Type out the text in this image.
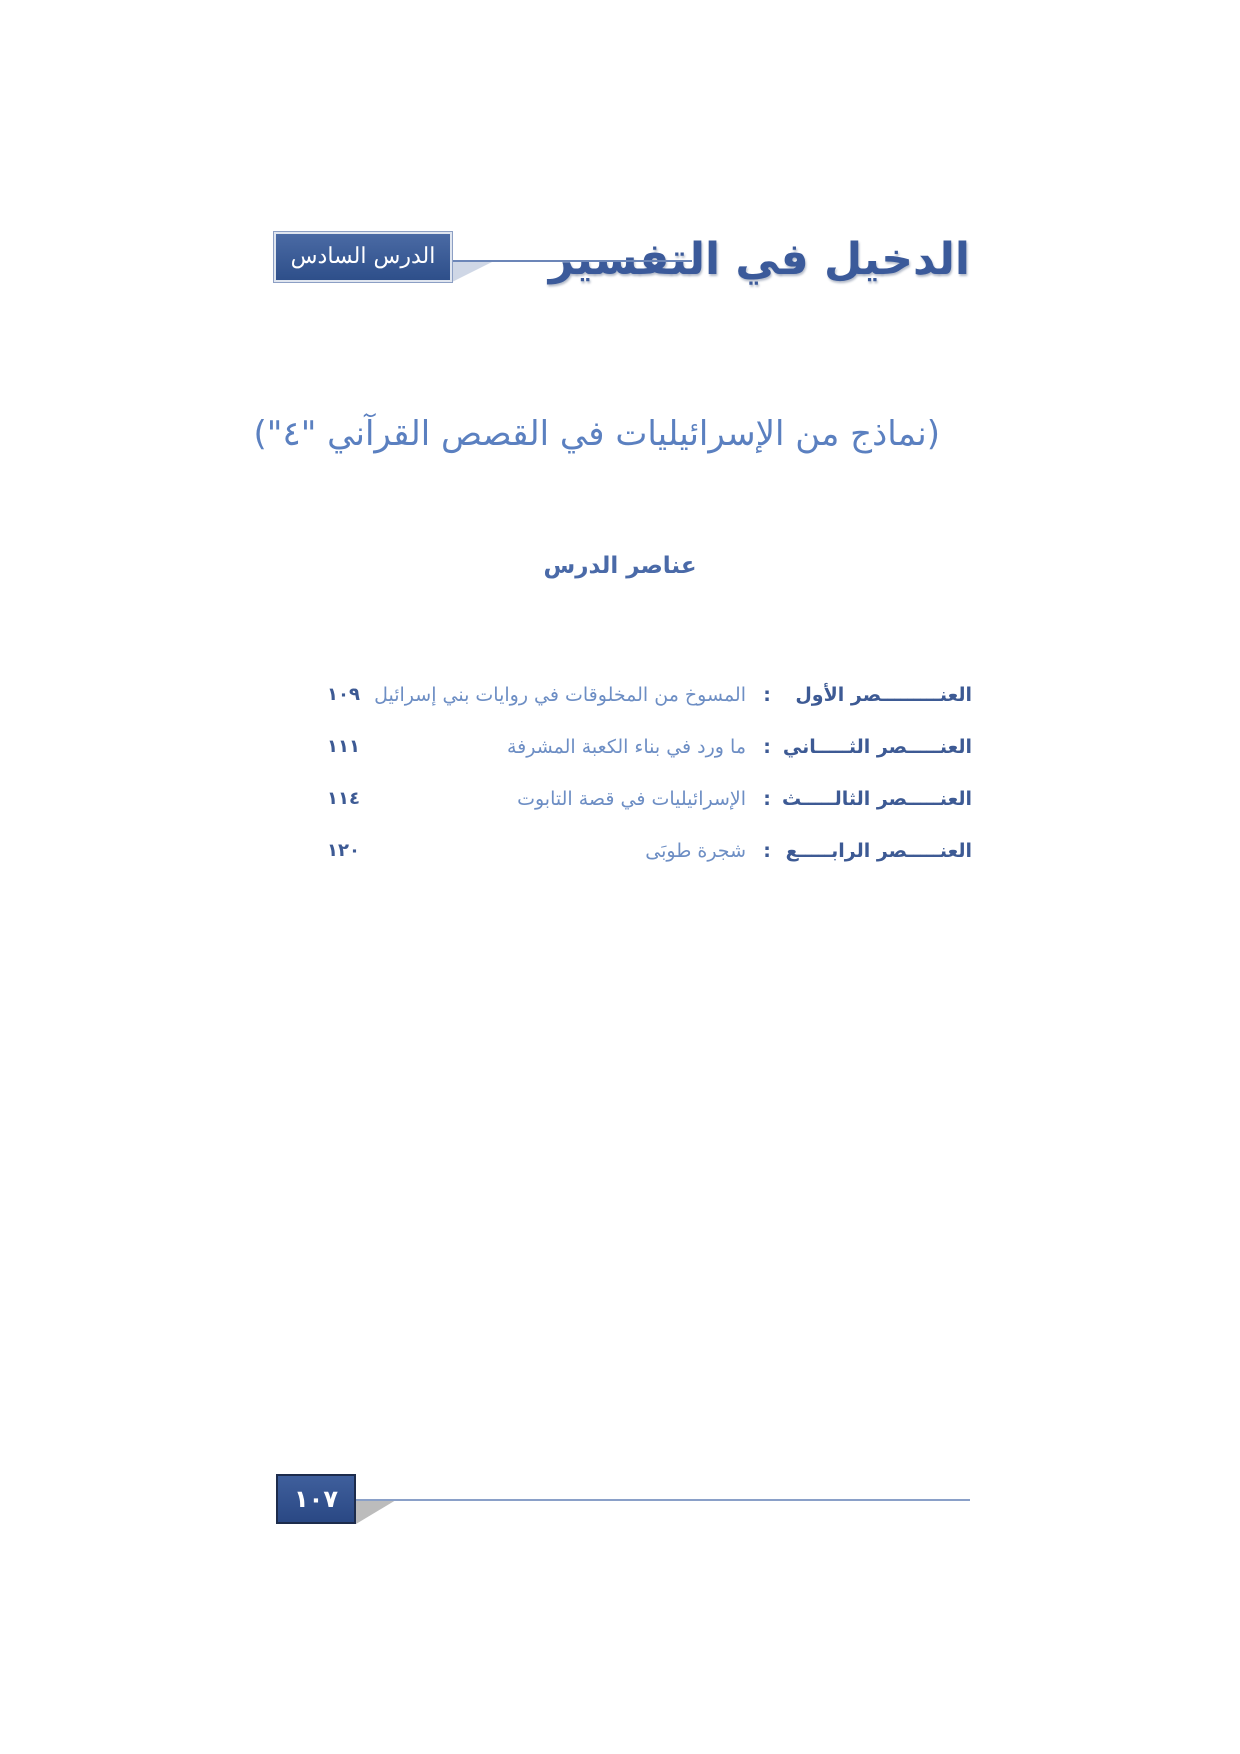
الدخيل في التفسير
الدرس السادس
(نماذج من الإسرائيليات في القصص القرآني "٤")
عناصر الدرس
العنـــــــــصر الأول
:
المسوخ من المخلوقات في روايات بني إسرائيل
١٠٩
العنـــــصر الثـــــاني
:
ما ورد في بناء الكعبة المشرفة
١١١
العنـــــصر الثالـــــث
:
الإسرائيليات في قصة التابوت
١١٤
العنـــــصر الرابـــــع
:
شجرة طوبَى
١٢٠
١٠٧
